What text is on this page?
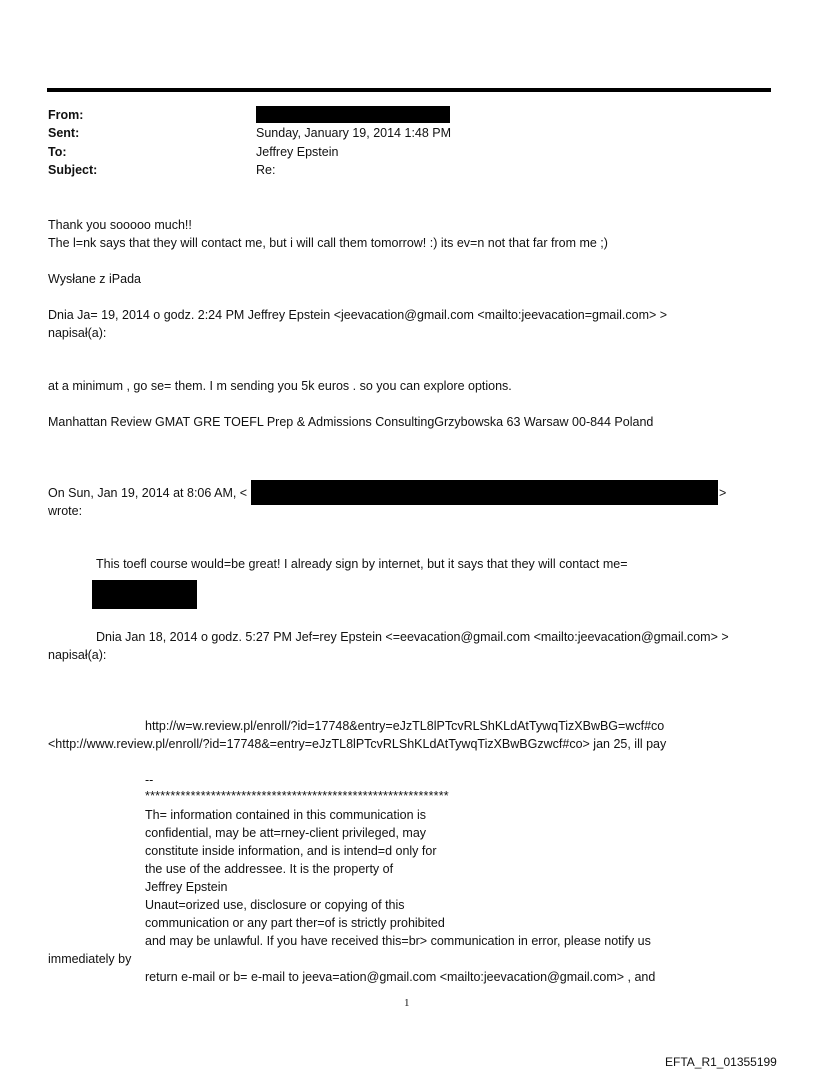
From:
Sent:	Sunday, January 19, 2014 1:48 PM
To:	Jeffrey Epstein
Subject:	Re:
Thank you sooooo much!!
The l=nk says that they will contact me, but i will call them tomorrow! :) its ev=n not that far from me ;)
Wysłane z iPada
Dnia Ja= 19, 2014 o godz. 2:24 PM Jeffrey Epstein <jeevacation@gmail.com <mailto:jeevacation=gmail.com> >
napisał(a):
at a minimum , go se= them. I m sending you 5k euros . so you can explore options.
Manhattan Review GMAT GRE TOEFL Prep & Admissions ConsultingGrzybowska 63 Warsaw 00-844 Poland
On Sun, Jan 19, 2014 at 8:06 AM, <	>
wrote:
This toefl course would=be great! I already sign by internet, but it says that they will contact me=
Dnia Jan 18, 2014 o godz. 5:27 PM Jef=rey Epstein <=eevacation@gmail.com <mailto:jeevacation@gmail.com> >
napisał(a):
http://w=w.review.pl/enroll/?id=17748&entry=eJzTL8lPTcvRLShKLdAtTywqTizXBwBG=wcf#co
<http://www.review.pl/enroll/?id=17748&=entry=eJzTL8lPTcvRLShKLdAtTywqTizXBwBGzwcf#co> jan 25, ill pay
--
************************************************************
Th= information contained in this communication is
confidential, may be att=rney-client privileged, may
constitute inside information, and is intend=d only for
the use of the addressee. It is the property of
Jeffrey Epstein
Unaut=orized use, disclosure or copying of this
communication or any part ther=of is strictly prohibited
and may be unlawful. If you have received this=br> communication in error, please notify us
immediately by
return e-mail or b= e-mail to jeeva=ation@gmail.com <mailto:jeevacation@gmail.com> , and
1
EFTA_R1_01355199
